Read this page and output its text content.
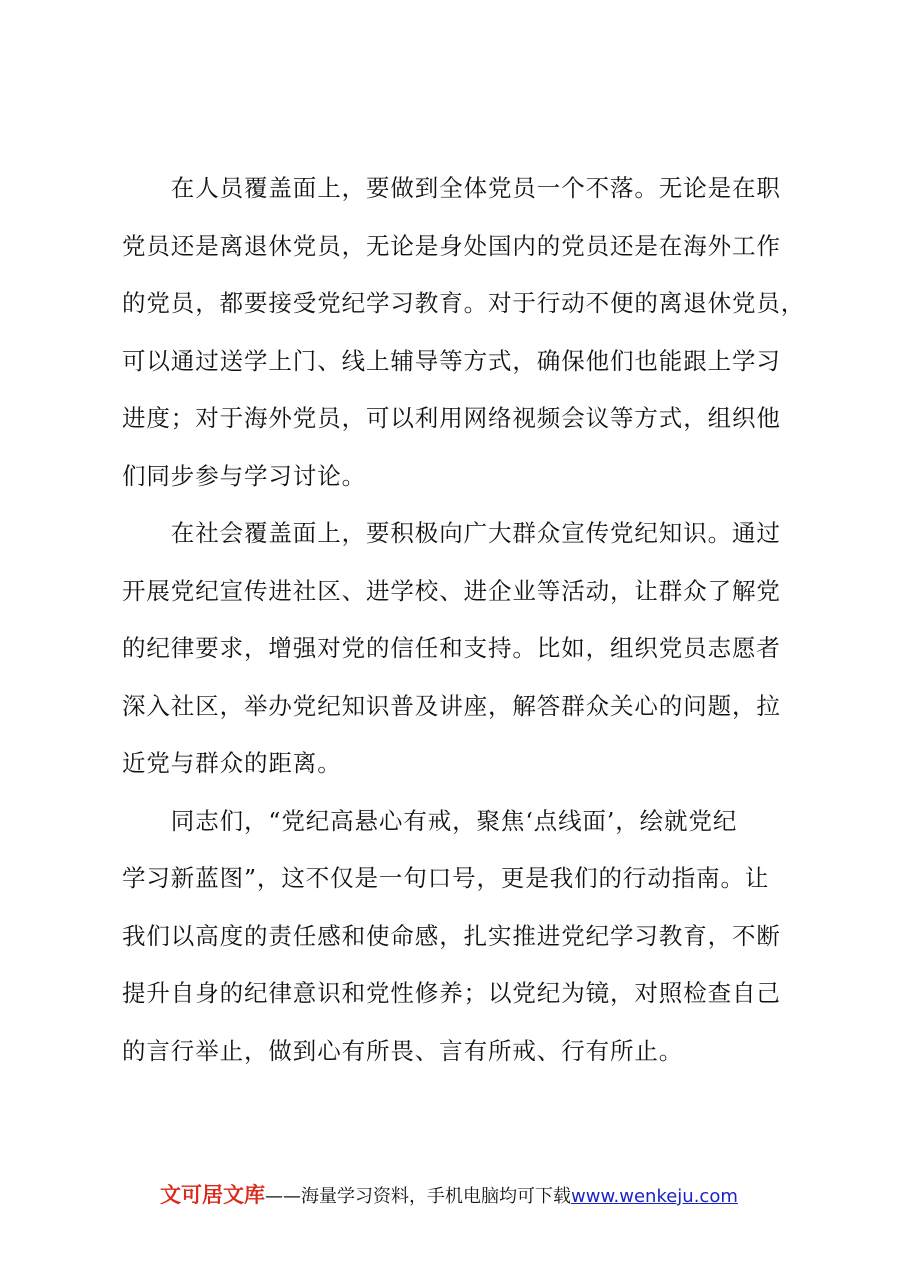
　　在人员覆盖面上，要做到全体党员一个不落。无论是在职
党员还是离退休党员，无论是身处国内的党员还是在海外工作
的党员，都要接受党纪学习教育。对于行动不便的离退休党员，
可以通过送学上门、线上辅导等方式，确保他们也能跟上学习
进度；对于海外党员，可以利用网络视频会议等方式，组织他
们同步参与学习讨论。
　　在社会覆盖面上，要积极向广大群众宣传党纪知识。通过
开展党纪宣传进社区、进学校、进企业等活动，让群众了解党
的纪律要求，增强对党的信任和支持。比如，组织党员志愿者
深入社区，举办党纪知识普及讲座，解答群众关心的问题，拉
近党与群众的距离。
　　同志们，“党纪高悬心有戒，聚焦‘点线面’，绘就党纪
学习新蓝图”，这不仅是一句口号，更是我们的行动指南。让
我们以高度的责任感和使命感，扎实推进党纪学习教育，不断
提升自身的纪律意识和党性修养；以党纪为镜，对照检查自己
的言行举止，做到心有所畏、言有所戒、行有所止。
文可居文库——海量学习资料，手机电脑均可下载www.wenkeju.com
